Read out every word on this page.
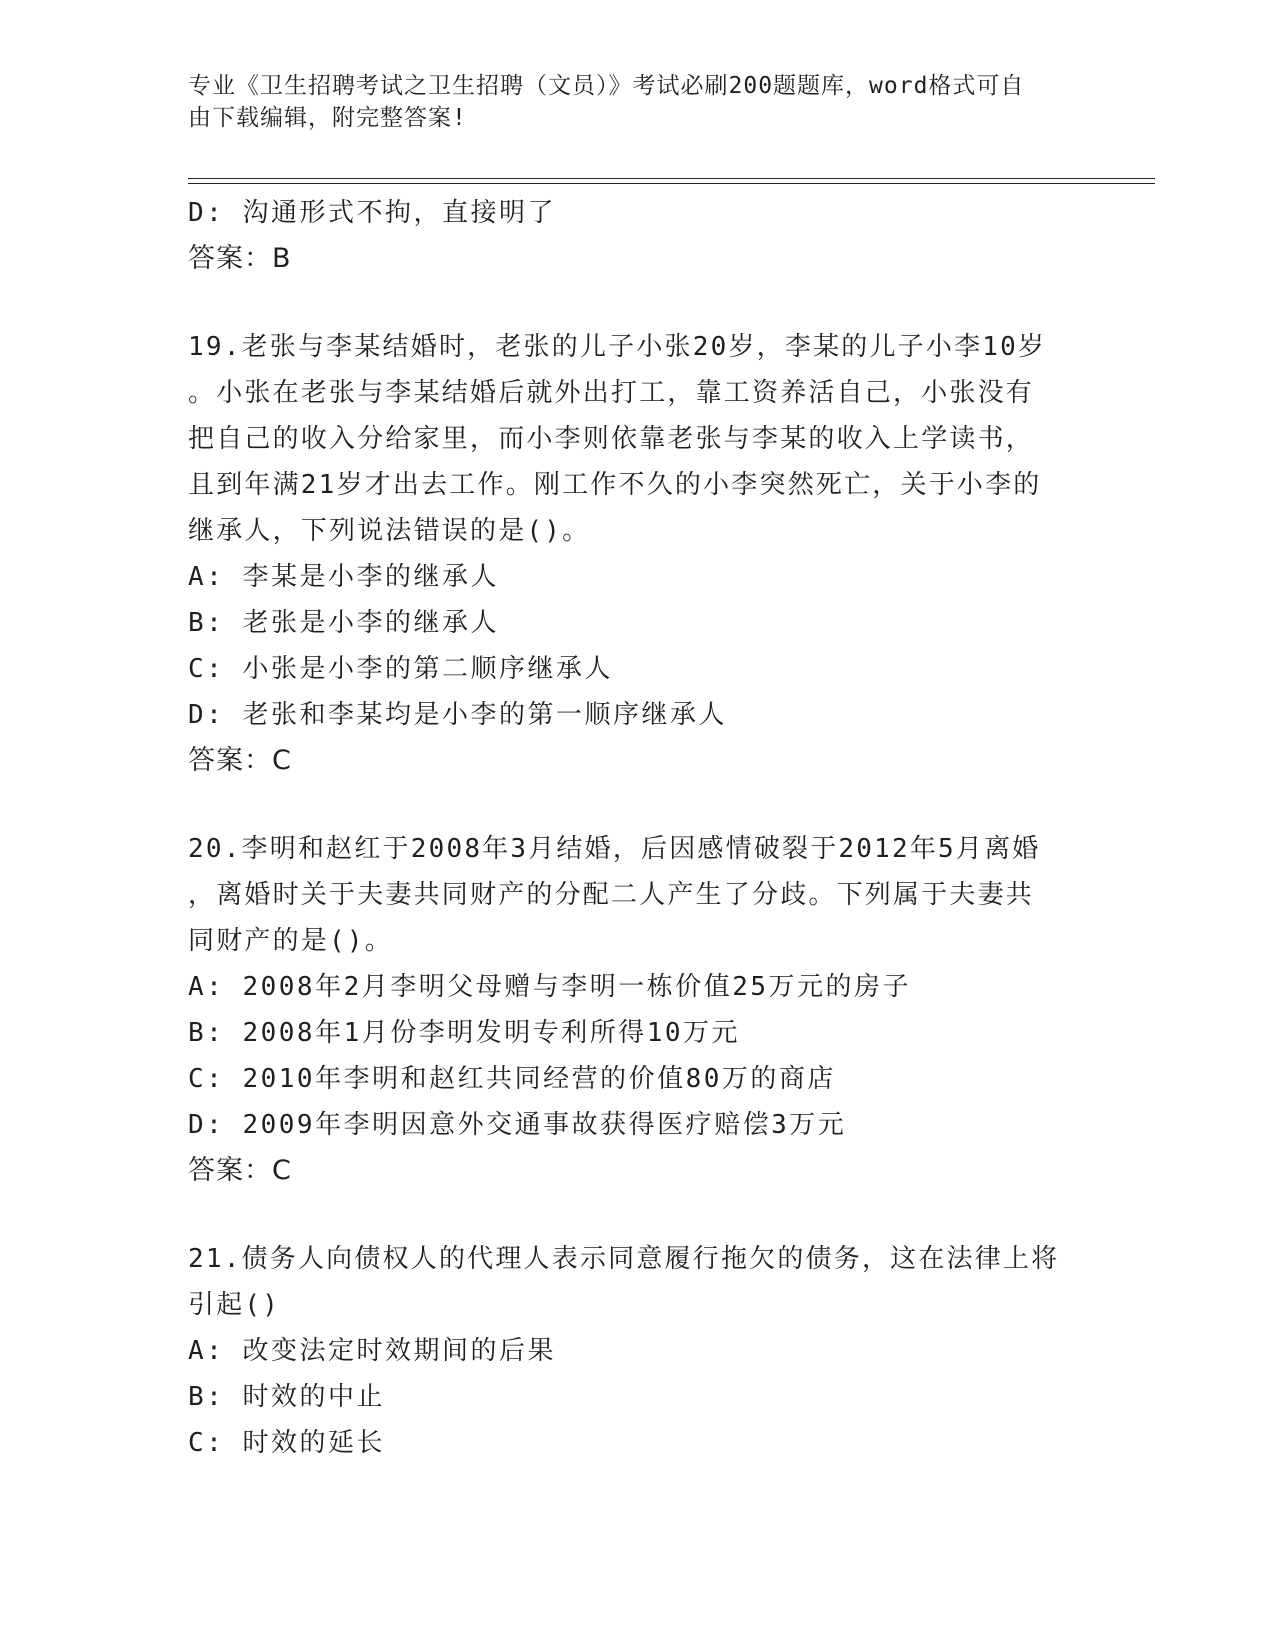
专业《卫生招聘考试之卫生招聘（文员）》考试必刷200题题库，word格式可自
由下载编辑，附完整答案!
D: 沟通形式不拘，直接明了
答案：B
19.老张与李某结婚时，老张的儿子小张20岁，李某的儿子小李10岁
。小张在老张与李某结婚后就外出打工，靠工资养活自己，小张没有
把自己的收入分给家里，而小李则依靠老张与李某的收入上学读书，
且到年满21岁才出去工作。刚工作不久的小李突然死亡，关于小李的
继承人，下列说法错误的是()。
A: 李某是小李的继承人
B: 老张是小李的继承人
C: 小张是小李的第二顺序继承人
D: 老张和李某均是小李的第一顺序继承人
答案：C
20.李明和赵红于2008年3月结婚，后因感情破裂于2012年5月离婚
，离婚时关于夫妻共同财产的分配二人产生了分歧。下列属于夫妻共
同财产的是()。
A: 2008年2月李明父母赠与李明一栋价值25万元的房子
B: 2008年1月份李明发明专利所得10万元
C: 2010年李明和赵红共同经营的价值80万的商店
D: 2009年李明因意外交通事故获得医疗赔偿3万元
答案：C
21.债务人向债权人的代理人表示同意履行拖欠的债务，这在法律上将
引起()
A: 改变法定时效期间的后果
B: 时效的中止
C: 时效的延长
